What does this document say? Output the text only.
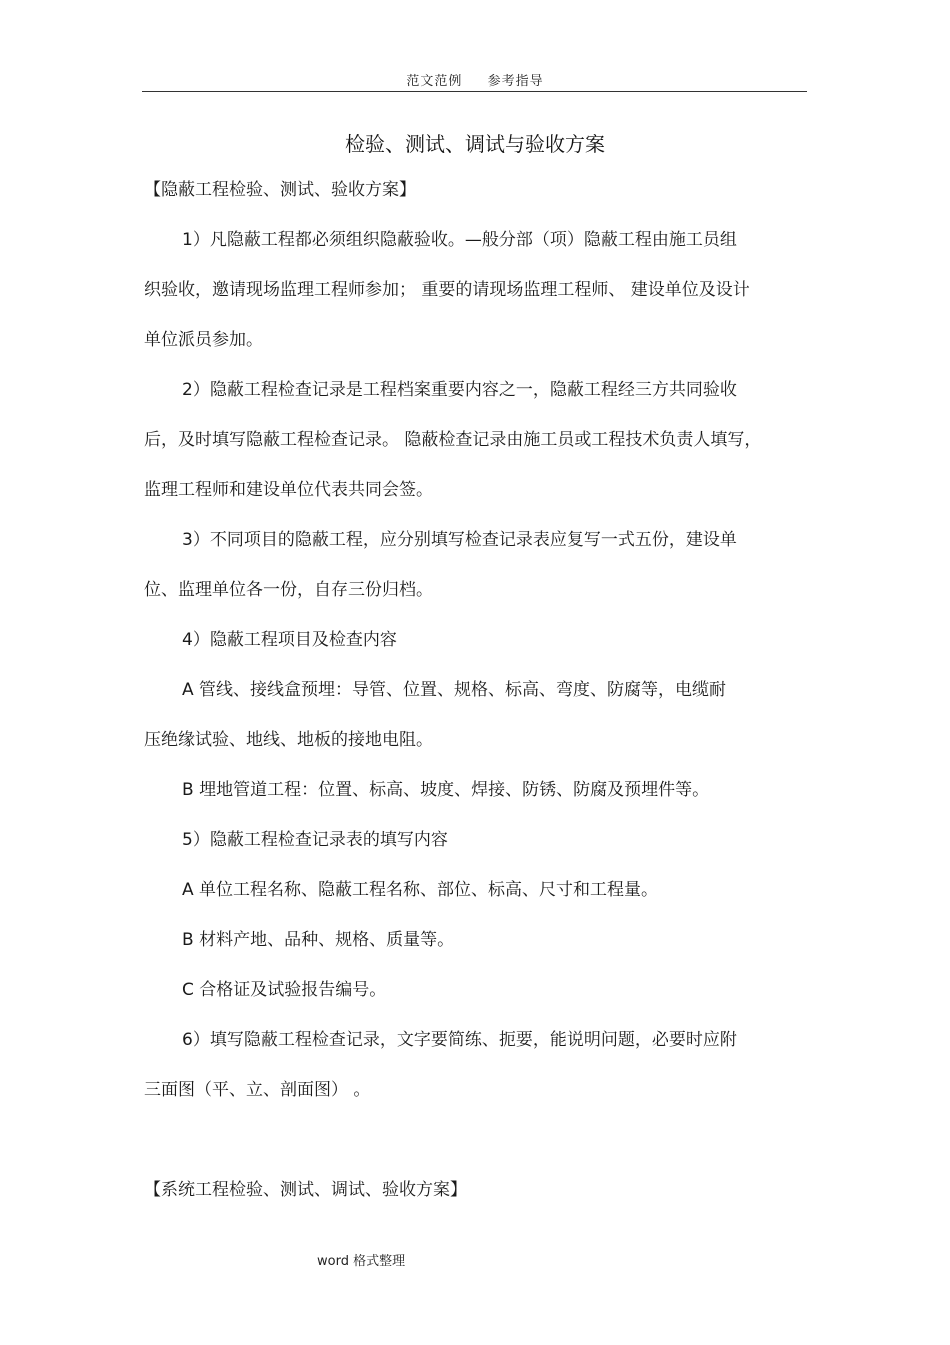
范文范例 参考指导
检验、测试、调试与验收方案
【隐蔽工程检验、测试、验收方案】
1）凡隐蔽工程都必须组织隐蔽验收。—般分部（项）隐蔽工程由施工员组
织验收，邀请现场监理工程师参加； 重要的请现场监理工程师、 建设单位及设计
单位派员参加。
2）隐蔽工程检查记录是工程档案重要内容之一，隐蔽工程经三方共同验收
后，及时填写隐蔽工程检查记录。 隐蔽检查记录由施工员或工程技术负责人填写，
监理工程师和建设单位代表共同会签。
3）不同项目的隐蔽工程，应分别填写检查记录表应复写一式五份，建设单
位、监理单位各一份，自存三份归档。
4）隐蔽工程项目及检查内容
A 管线、接线盒预埋：导管、位置、规格、标高、弯度、防腐等，电缆耐
压绝缘试验、地线、地板的接地电阻。
B 埋地管道工程：位置、标高、坡度、焊接、防锈、防腐及预埋件等。
5）隐蔽工程检查记录表的填写内容
A 单位工程名称、隐蔽工程名称、部位、标高、尺寸和工程量。
B 材料产地、品种、规格、质量等。
C 合格证及试验报告编号。
6）填写隐蔽工程检查记录，文字要简练、扼要，能说明问题，必要时应附
三面图（平、立、剖面图） 。
【系统工程检验、测试、调试、验收方案】
word 格式整理
